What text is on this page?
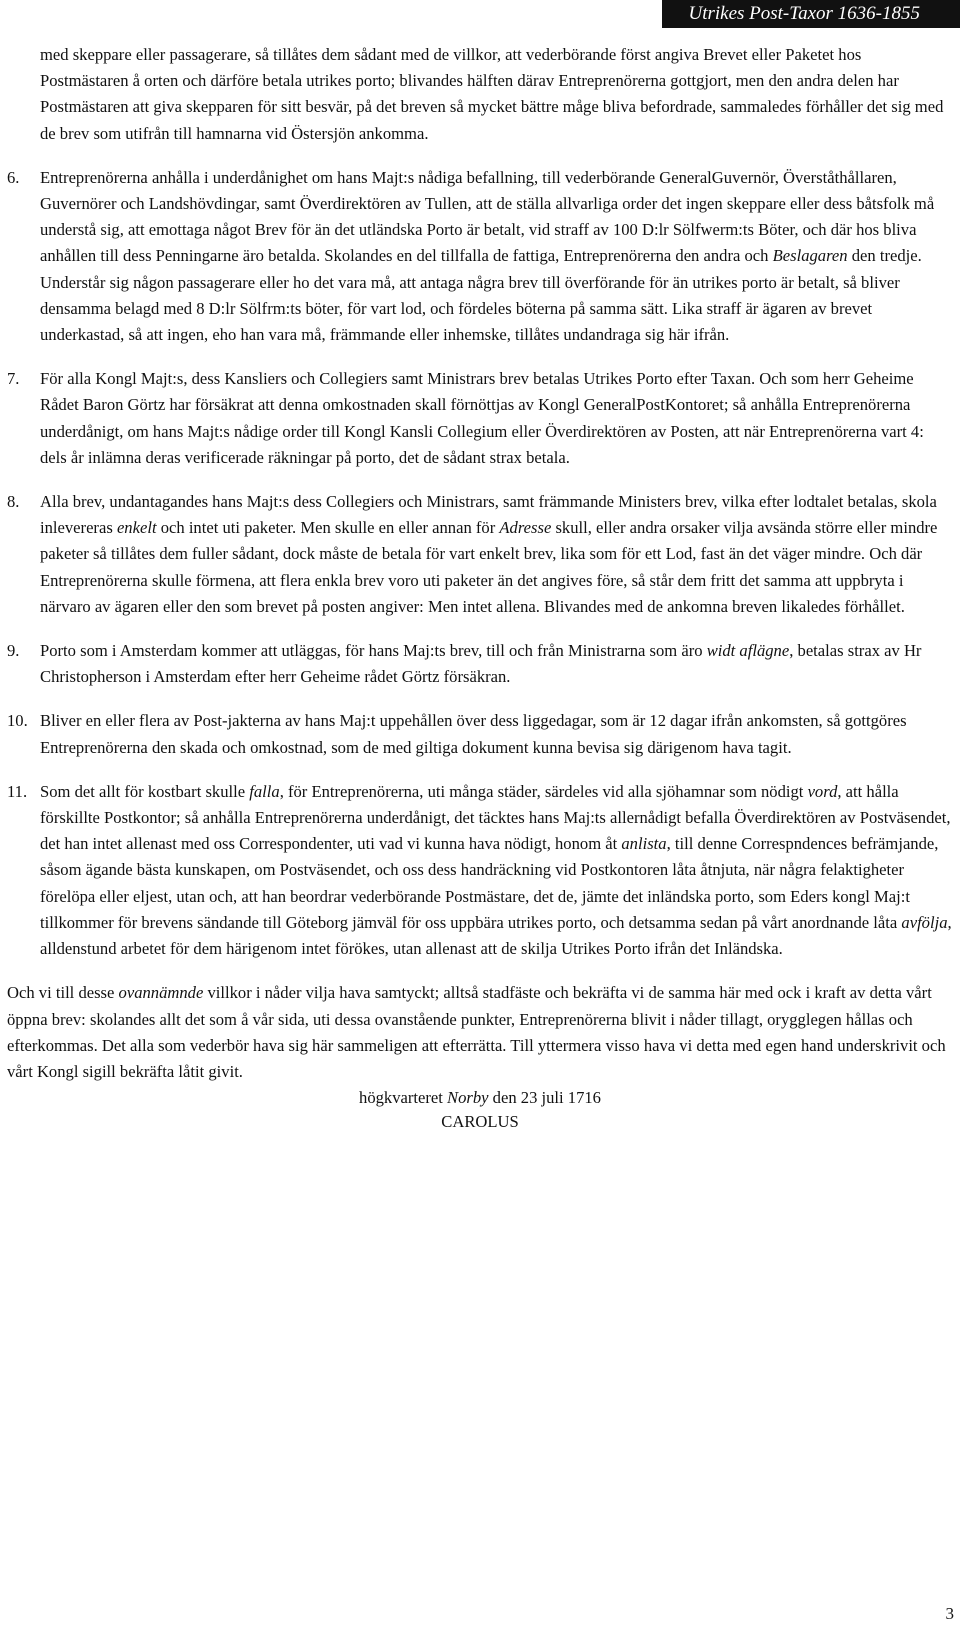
Utrikes Post-Taxor 1636-1855
med skeppare eller passagerare, så tillåtes dem sådant med de villkor, att vederbörande först angiva Brevet eller Paketet hos Postmästaren å orten och därföre betala utrikes porto; blivandes hälften därav Entreprenörerna gottgjort, men den andra delen har Postmästaren att giva skepparen för sitt besvär, på det breven så mycket bättre måge bliva befordrade, sammaledes förhåller det sig med de brev som utifrån till hamnarna vid Östersjön ankomma.
6.	Entreprenörerna anhålla i underdånighet om hans Majt:s nådiga befallning, till vederbörande GeneralGuvernör, Överståthållaren, Guvernörer och Landshövdingar, samt Överdirektören av Tullen, att de ställa allvarliga order det ingen skeppare eller dess båtsfolk må understå sig, att emottaga något Brev för än det utländska Porto är betalt, vid straff av 100 D:lr Sölfwerm:ts Böter, och där hos bliva anhållen till dess Penningarne äro betalda. Skolandes en del tillfalla de fattiga, Entreprenörerna den andra och Beslagaren den tredje. Understår sig någon passagerare eller ho det vara må, att antaga några brev till överförande för än utrikes porto är betalt, så bliver densamma belagd med 8 D:lr Sölfrm:ts böter, för vart lod, och fördeles böterna på samma sätt. Lika straff är ägaren av brevet underkastad, så att ingen, eho han vara må, främmande eller inhemske, tillåtes undandraga sig här ifrån.
7.	För alla Kongl Majt:s, dess Kansliers och Collegiers samt Ministrars brev betalas Utrikes Porto efter Taxan. Och som herr Geheime Rådet Baron Görtz har försäkrat att denna omkostnaden skall förnöttjas av Kongl GeneralPostKontoret; så anhålla Entreprenörerna underdånigt, om hans Majt:s nådige order till Kongl Kansli Collegium eller Överdirektören av Posten, att när Entreprenörerna vart 4: dels år inlämna deras verificerade räkningar på porto, det de sådant strax betala.
8.	Alla brev, undantagandes hans Majt:s dess Collegiers och Ministrars, samt främmande Ministers brev, vilka efter lodtalet betalas, skola inlevereras enkelt och intet uti paketer. Men skulle en eller annan för Adresse skull, eller andra orsaker vilja avsända större eller mindre paketer så tillåtes dem fuller sådant, dock måste de betala för vart enkelt brev, lika som för ett Lod, fast än det väger mindre. Och där Entreprenörerna skulle förmena, att flera enkla brev voro uti paketer än det angives före, så står dem fritt det samma att uppbryta i närvaro av ägaren eller den som brevet på posten angiver: Men intet allena. Blivandes med de ankomna breven likaledes förhållet.
9.	Porto som i Amsterdam kommer att utläggas, för hans Maj:ts brev, till och från Ministrarna som äro widt aflägne, betalas strax av Hr Christopherson i Amsterdam efter herr Geheime rådet Görtz försäkran.
10. Bliver en eller flera av Post-jakterna av hans Maj:t uppehållen över dess liggedagar, som är 12 dagar ifrån ankomsten, så gottgöres Entreprenörerna den skada och omkostnad, som de med giltiga dokument kunna bevisa sig därigenom hava tagit.
11. Som det allt för kostbart skulle falla, för Entreprenörerna, uti många städer, särdeles vid alla sjöhamnar som nödigt vord, att hålla förskillte Postkontor; så anhålla Entreprenörerna underdånigt, det täcktes hans Maj:ts allernådigt befalla Överdirektören av Postväsendet, det han intet allenast med oss Correspondenter, uti vad vi kunna hava nödigt, honom åt anlista, till denne Correspndences befrämjande, såsom ägande bästa kunskapen, om Postväsendet, och oss dess handräckning vid Postkontoren låta åtnjuta, när några felaktigheter förelöpa eller eljest, utan och, att han beordrar vederbörande Postmästare, det de, jämte det inländska porto, som Eders kongl Maj:t tillkommer för brevens sändande till Göteborg jämväl för oss uppbära utrikes porto, och detsamma sedan på vårt anordnande låta avfölja, alldenstund arbetet för dem härigenom intet förökes, utan allenast att de skilja Utrikes Porto ifrån det Inländska.
Och vi till desse ovannämnde villkor i nåder vilja hava samtyckt; alltså stadfäste och bekräfta vi de samma här med ock i kraft av detta vårt öppna brev: skolandes allt det som å vår sida, uti dessa ovanstående punkter, Entreprenörerna blivit i nåder tillagt, orygglegen hållas och efterkommas. Det alla som vederbör hava sig här sammeligen att efterrätta. Till yttermera visso hava vi detta med egen hand underskrivit och vårt Kongl sigill bekräfta låtit givit.
högkvarteret Norby den 23 juli 1716
CAROLUS
3
